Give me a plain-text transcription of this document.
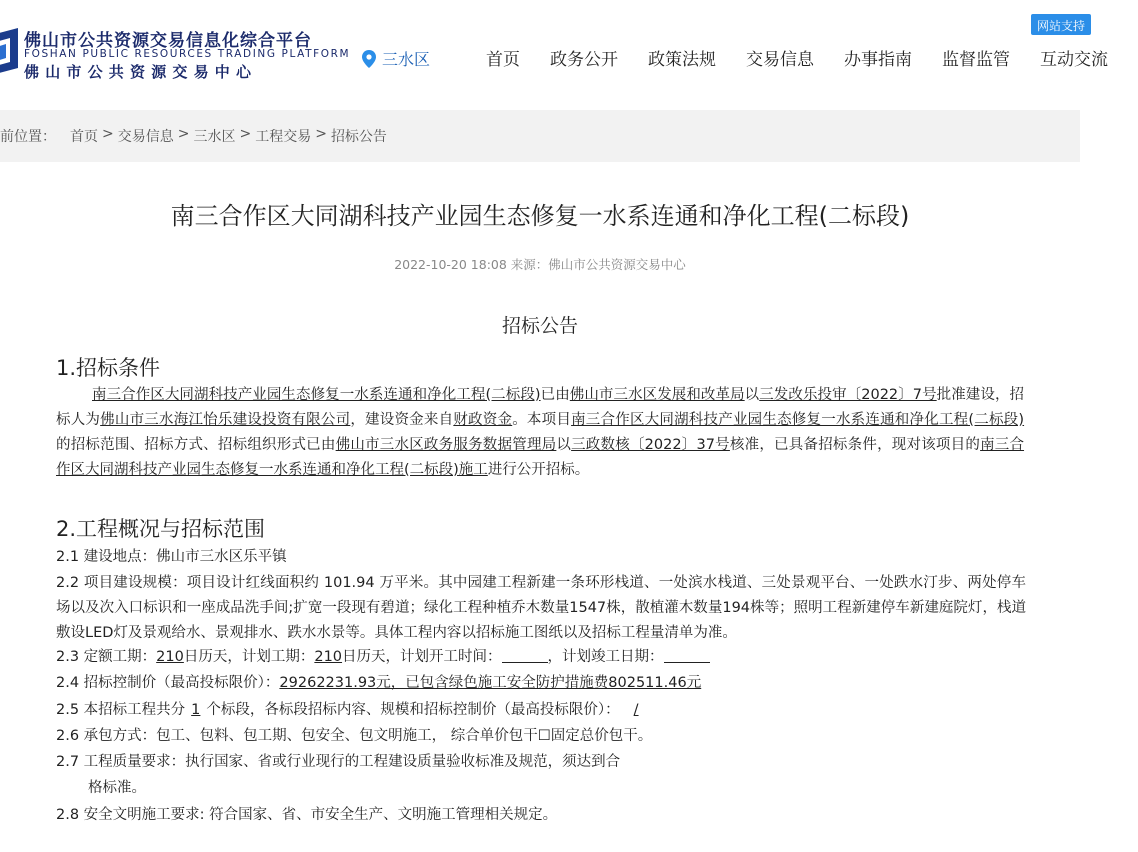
佛山市公共资源交易信息化综合平台
FOSHAN PUBLIC RESOURCES TRADING PLATFORM
佛山市公共资源交易中心
三水区	首页 政务公开 政策法规 交易信息 办事指南 监督监管 互动交流
网站支持
前位置： 首页 > 交易信息 > 三水区 > 工程交易 > 招标公告
南三合作区大同湖科技产业园生态修复一水系连通和净化工程(二标段)
2022-10-20 18:08 来源：佛山市公共资源交易中心
招标公告
1.招标条件
南三合作区大同湖科技产业园生态修复一水系连通和净化工程(二标段)已由佛山市三水区发展和改革局以三发改乐投审〔2022〕7号批准建设，招标人为佛山市三水海江怡乐建设投资有限公司，建设资金来自财政资金。本项目南三合作区大同湖科技产业园生态修复一水系连通和净化工程(二标段)的招标范围、招标方式、招标组织形式已由佛山市三水区政务服务数据管理局以三政数核〔2022〕37号核准，已具备招标条件，现对该项目的南三合作区大同湖科技产业园生态修复一水系连通和净化工程(二标段)施工进行公开招标。
2.工程概况与招标范围
2.1 建设地点：佛山市三水区乐平镇
2.2 项目建设规模：项目设计红线面积约 101.94 万平米。其中园建工程新建一条环形栈道、一处滨水栈道、三处景观平台、一处跌水汀步、两处停车场以及次入口标识和一座成品洗手间;扩宽一段现有碧道；绿化工程种植乔木数量1547株，散植灌木数量194株等；照明工程新建停车新建庭院灯，栈道敷设LED灯及景观给水、景观排水、跌水水景等。具体工程内容以招标施工图纸以及招标工程量清单为准。
2.3 定额工期：210日历天，计划工期：210日历天，计划开工时间：	，计划竣工日期：
2.4 招标控制价（最高投标限价）：29262231.93元，已包含绿色施工安全防护措施费802511.46元
2.5 本招标工程共分 1 个标段，各标段招标内容、规模和招标控制价（最高投标限价）： /
2.6 承包方式：包工、包料、包工期、包安全、包文明施工， 综合单价包干☐固定总价包干。
2.7 工程质量要求：执行国家、省或行业现行的工程建设质量验收标准及规范，须达到合
格标准。
2.8 安全文明施工要求: 符合国家、省、市安全生产、文明施工管理相关规定。
